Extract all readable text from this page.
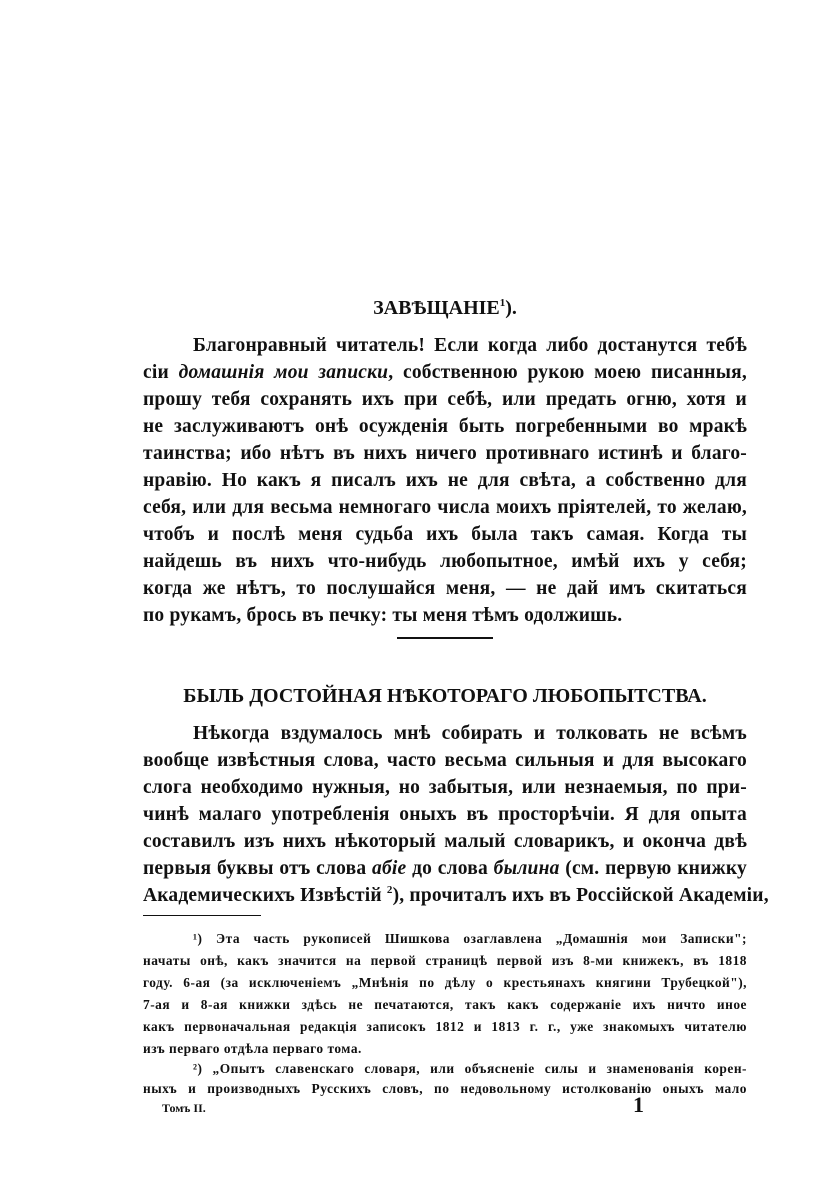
ЗАВѢЩАНІЕ$^1$).
Благонравный читатель! Если когда либо достанутся тебѣ
сіи домашнія мои записки, собственною рукою моею писанныя,
прошу тебя сохранять ихъ при себѣ, или предать огню, хотя и
не заслуживаютъ онѣ осужденія быть погребенными во мракѣ
таинства; ибо нѣтъ въ нихъ ничего противнаго истинѣ и благо-
нравію. Но какъ я писалъ ихъ не для свѣта, а собственно для
себя, или для весьма немногаго числа моихъ пріятелей, то желаю,
чтобъ и послѣ меня судьба ихъ была такъ самая. Когда ты
найдешь въ нихъ что-нибудь любопытное, имѣй ихъ у себя;
когда же нѣтъ, то послушайся меня, — не дай имъ скитаться
по рукамъ, брось въ печку: ты меня тѣмъ одолжишь.
БЫЛЬ ДОСТОЙНАЯ НѢКОТОРАГО ЛЮБОПЫТСТВА.
Нѣкогда вздумалось мнѣ собирать и толковать не всѣмъ
вообще извѣстныя слова, часто весьма сильныя и для высокаго
слога необходимо нужныя, но забытыя, или незнаемыя, по при-
чинѣ малаго употребленія оныхъ въ просторѣчіи. Я для опыта
составилъ изъ нихъ нѣкоторый малый словарикъ, и окончa двѣ
первыя буквы отъ слова абіе до слова былина (см. первую книжку
Академическихъ Извѣстій $^2$), прочиталъ ихъ въ Россійской Академіи,
¹) Эта часть рукописей Шишкова озаглавлена „Домашнія мои Записки";
начаты онѣ, какъ значится на первой страницѣ первой изъ 8-ми книжекъ, въ 1818
году. 6-ая (за исключеніемъ „Мнѣнія по дѣлу о крестьянахъ княгини Трубецкой"),
7-ая и 8-ая книжки здѣсь не печатаются, такъ какъ содержаніе ихъ ничто иное
какъ первоначальная редакція записокъ 1812 и 1813 г. г., уже знакомыхъ читателю
изъ перваго отдѣла перваго тома.
²) „Опытъ славенскаго словаря, или объясненіе силы и знаменованія корен-
ныхъ и производныхъ Русскихъ словъ, по недовольному истолкованію оныхъ мало
Томъ II.	1
